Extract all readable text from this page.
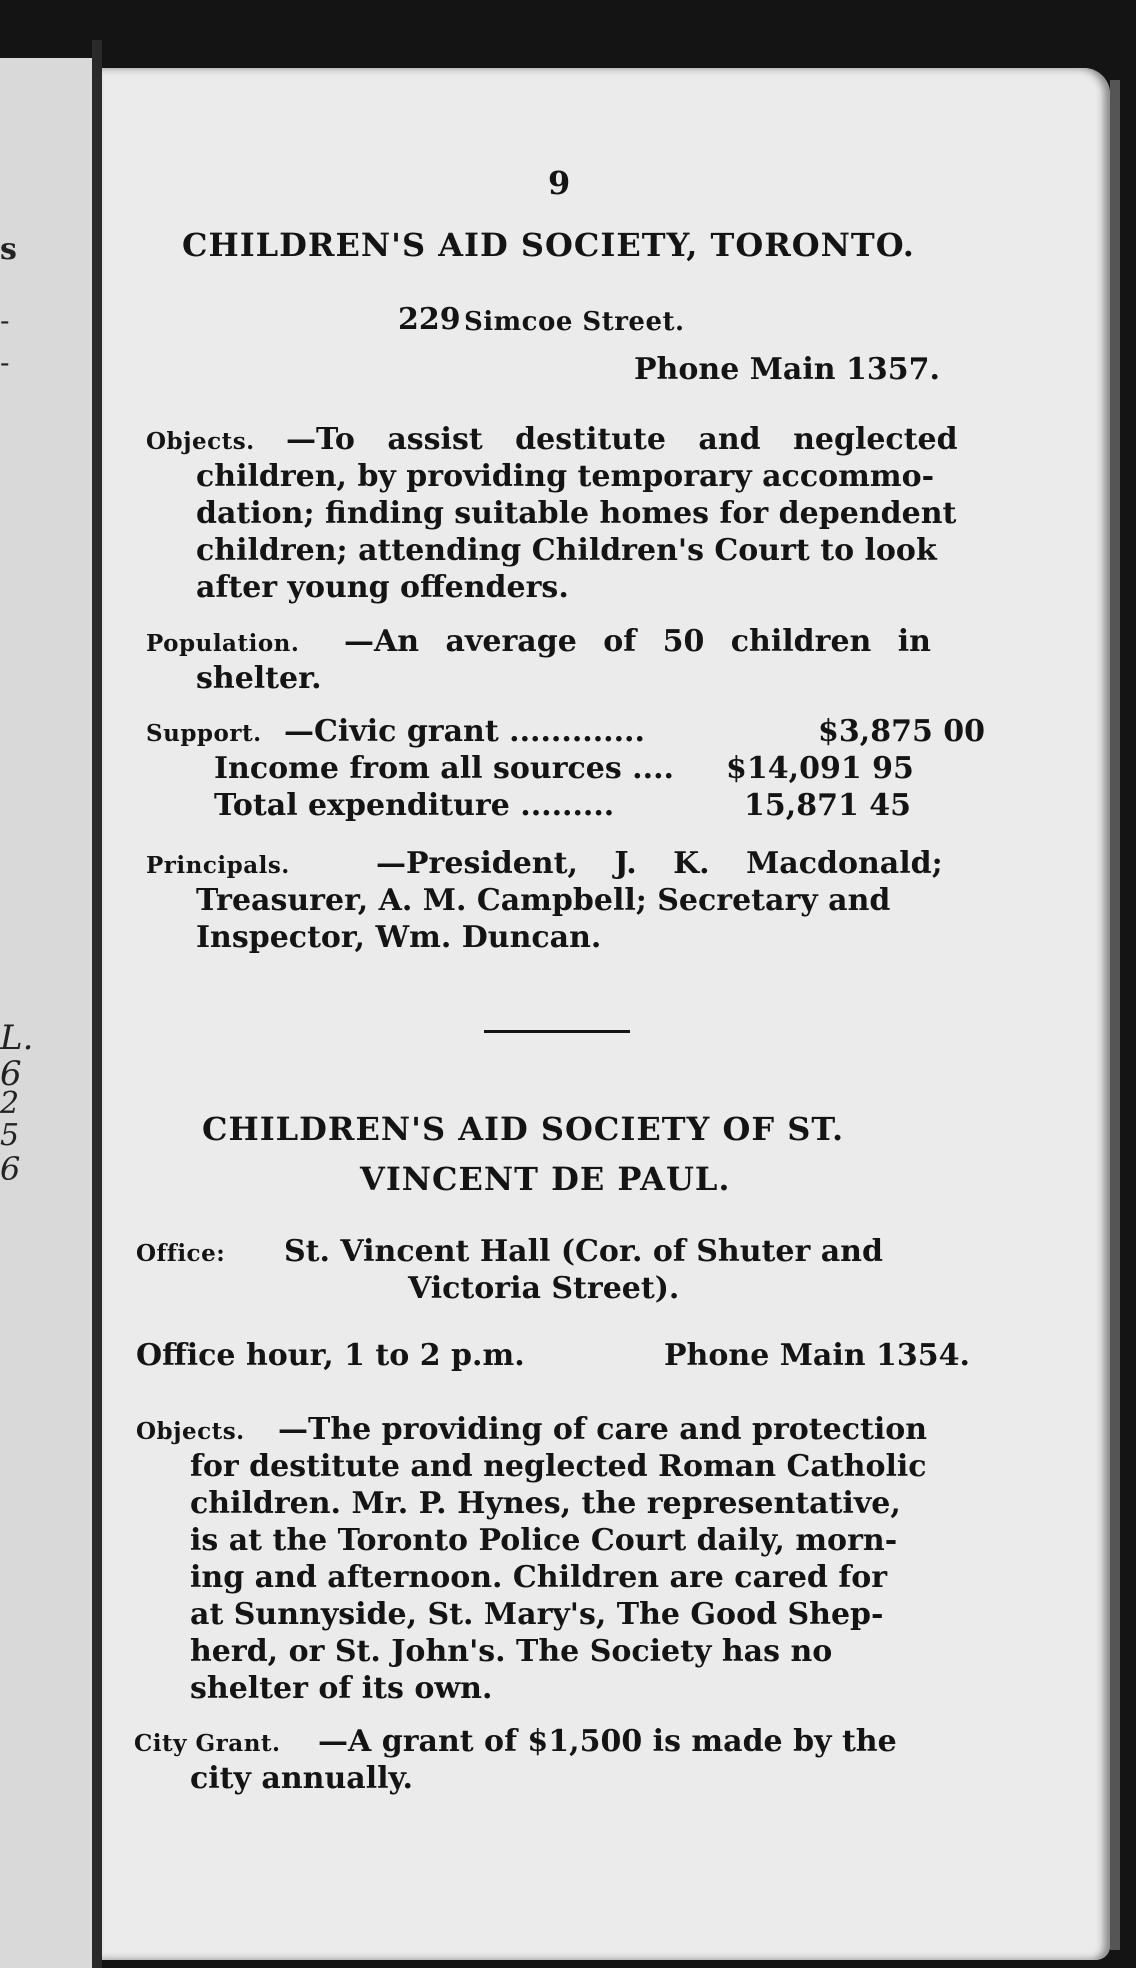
s
-
-
L.
6
2
5
6
9
CHILDREN'S AID SOCIETY, TORONTO.
229 Simcoe Street.
Phone Main 1357.
Objects. —To assist destitute and neglected
children, by providing temporary accommo-
dation; finding suitable homes for dependent
children; attending Children's Court to look
after young offenders.
Population. —An average of 50 children in
shelter.
Support. —Civic grant .............	$3,875 00
Income from all sources .... $14,091 95
Total expenditure .........	15,871 45
Principals.	—President, J. K. Macdonald;
Treasurer, A. M. Campbell; Secretary and
Inspector, Wm. Duncan.
CHILDREN'S AID SOCIETY OF ST.
VINCENT DE PAUL.
Office: St. Vincent Hall (Cor. of Shuter and
Victoria Street).
Office hour, 1 to 2 p.m.	Phone Main 1354.
Objects. —The providing of care and protection
for destitute and neglected Roman Catholic
children. Mr. P. Hynes, the representative,
is at the Toronto Police Court daily, morn-
ing and afternoon. Children are cared for
at Sunnyside, St. Mary's, The Good Shep-
herd, or St. John's. The Society has no
shelter of its own.
City Grant. —A grant of $1,500 is made by the
city annually.
